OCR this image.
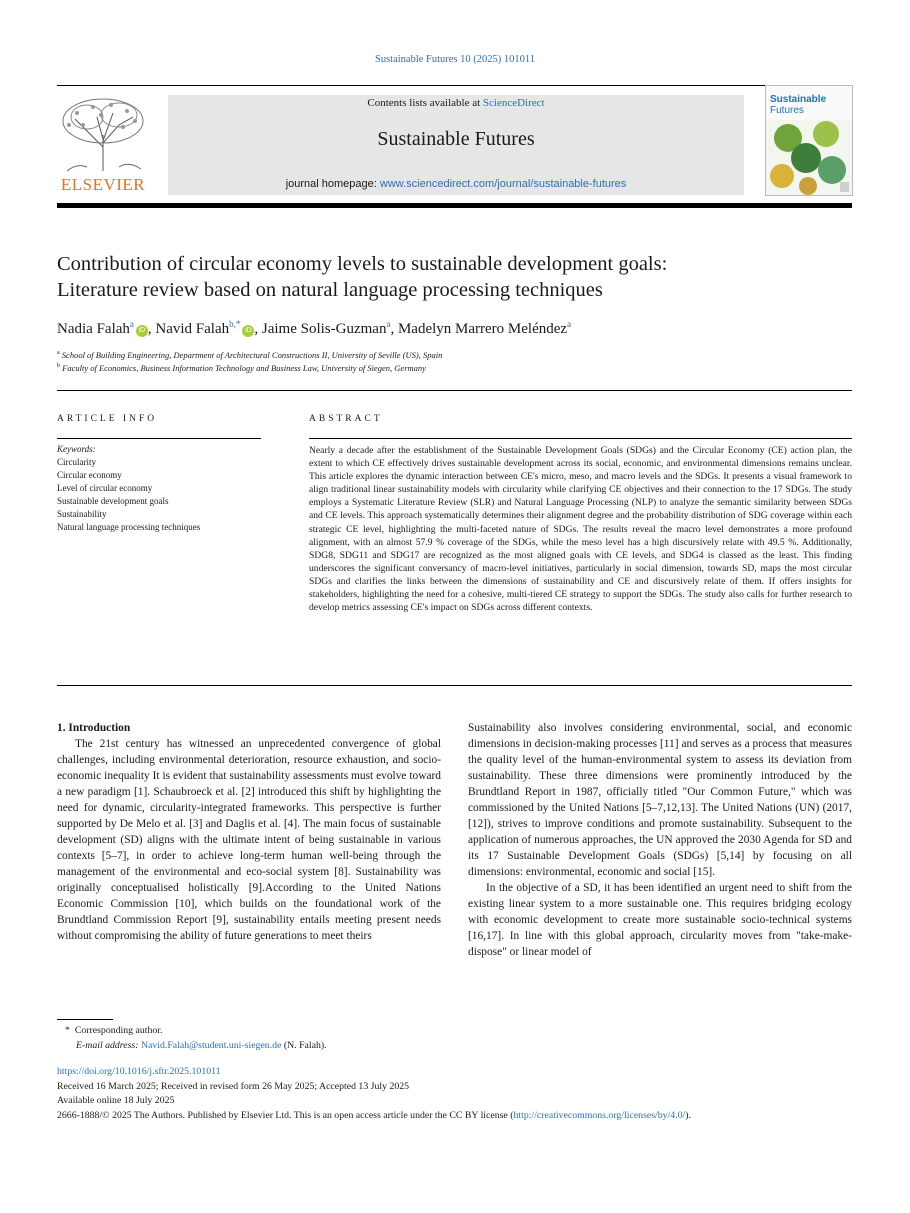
Sustainable Futures 10 (2025) 101011
ELSEVIER
Contents lists available at ScienceDirect
Sustainable Futures
journal homepage: www.sciencedirect.com/journal/sustainable-futures
Sustainable
Futures
Contribution of circular economy levels to sustainable development goals:
Literature review based on natural language processing techniques
Nadia Falah$^a$iD , Navid Falah$^{b,*}$iD , Jaime Solis-Guzman$^a$, Madelyn Marrero Meléndez$^a$
$^a$ School of Building Engineering, Department of Architectural Constructions II, University of Seville (US), Spain
$^b$ Faculty of Economics, Business Information Technology and Business Law, University of Siegen, Germany
ARTICLE INFO
Keywords:
Circularity
Circular economy
Level of circular economy
Sustainable development goals
Sustainability
Natural language processing techniques
ABSTRACT
Nearly a decade after the establishment of the Sustainable Development Goals (SDGs) and the Circular Economy (CE) action plan, the extent to which CE effectively drives sustainable development across its social, economic, and environmental dimensions remains unclear. This article explores the dynamic interaction between CE's micro, meso, and macro levels and the SDGs. It presents a visual framework to align traditional linear sustainability models with circularity while clarifying CE objectives and their connection to the 17 SDGs. The study employs a Systematic Literature Review (SLR) and Natural Language Processing (NLP) to analyze the semantic similarity between SDGs and CE levels. This approach systematically determines their alignment degree and the probability distribution of SDG coverage within each strategic CE level, highlighting the multi-faceted nature of SDGs. The results reveal the macro level demonstrates a more profound alignment, with an almost 57.9 % coverage of the SDGs, while the meso level has a high discursively relate with 49.5 %. Additionally, SDG8, SDG11 and SDG17 are recognized as the most aligned goals with CE levels, and SDG4 is classed as the least. This finding underscores the significant conversancy of macro-level initiatives, particularly in social dimension, towards SD, maps the most circular SDGs and clarifies the links between the dimensions of sustainability and CE and discursively relate of them. If offers insights for stakeholders, highlighting the need for a cohesive, multi-tiered CE strategy to support the SDGs. The study also calls for further research to develop metrics assessing CE's impact on SDGs across different contexts.

1. Introduction

The 21st century has witnessed an unprecedented convergence of global challenges, including environmental deterioration, resource exhaustion, and socio-economic inequality It is evident that sustainability assessments must evolve toward a new paradigm [1]. Schaubroeck et al. [2] introduced this shift by highlighting the need for dynamic, circularity-integrated frameworks. This perspective is further supported by De Melo et al. [3] and Daglis et al. [4]. The main focus of sustainable development (SD) aligns with the ultimate intent of being sustainable in various contexts [5–7], in order to achieve long-term human well-being through the management of the environmental and eco-social system [8]. Sustainability was originally conceptualised holistically [9].According to the United Nations Economic Commission [10], which builds on the foundational work of the Brundtland Commission Report [9], sustainability entails meeting present needs without compromising the ability of future generations to meet theirs

Sustainability also involves considering environmental, social, and economic dimensions in decision-making processes [11] and serves as a process that measures the quality level of the human-environmental system to assess its deviation from sustainability. These three dimensions were prominently introduced by the Brundtland Report in 1987, officially titled "Our Common Future," which was commissioned by the United Nations [5–7,12,13]. The United Nations (UN) (2017, [12]), strives to improve conditions and promote sustainability. Subsequent to the application of numerous approaches, the UN approved the 2030 Agenda for SD and its 17 Sustainable Development Goals (SDGs) [5,14] by focusing on all dimensions: environmental, economic and social [15].

In the objective of a SD, it has been identified an urgent need to shift from the existing linear system to a more sustainable one. This requires bridging ecology with economic development to create more sustainable socio-technical systems [16,17]. In line with this global approach, circularity moves from "take-make-dispose" or linear model of

* Corresponding author.
E-mail address: Navid.Falah@student.uni-siegen.de (N. Falah).
https://doi.org/10.1016/j.sftr.2025.101011
Received 16 March 2025; Received in revised form 26 May 2025; Accepted 13 July 2025
Available online 18 July 2025
2666-1888/© 2025 The Authors. Published by Elsevier Ltd. This is an open access article under the CC BY license (http://creativecommons.org/licenses/by/4.0/).
